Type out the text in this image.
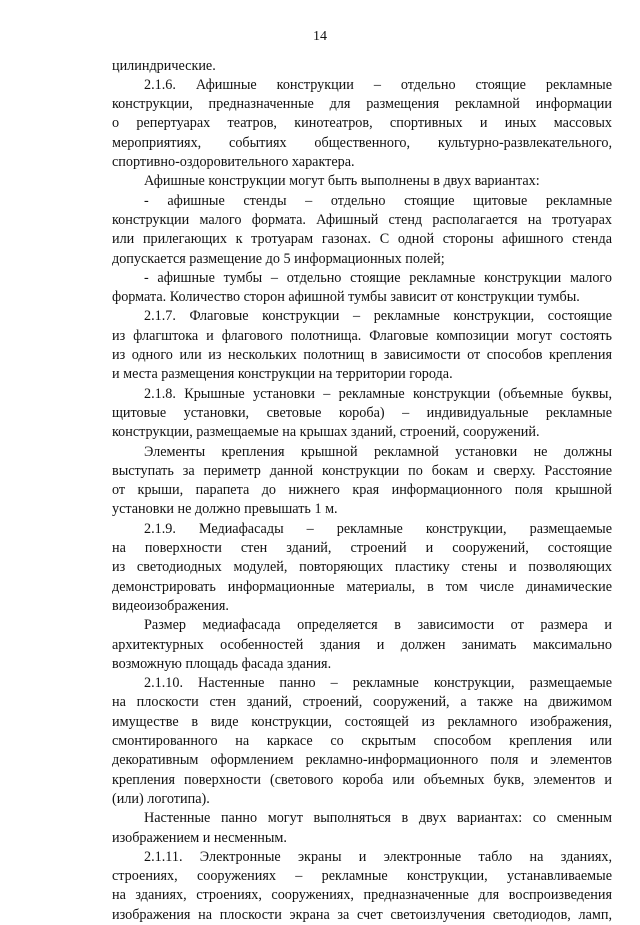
14
цилиндрические.
2.1.6. Афишные конструкции – отдельно стоящие рекламные
конструкции, предназначенные для размещения рекламной информации
о репертуарах театров, кинотеатров, спортивных и иных массовых
мероприятиях, событиях общественного, культурно-развлекательного,
спортивно-оздоровительного характера.
Афишные конструкции могут быть выполнены в двух вариантах:
- афишные стенды – отдельно стоящие щитовые рекламные
конструкции малого формата. Афишный стенд располагается на тротуарах
или прилегающих к тротуарам газонах. С одной стороны афишного стенда
допускается размещение до 5 информационных полей;
- афишные тумбы – отдельно стоящие рекламные конструкции малого
формата. Количество сторон афишной тумбы зависит от конструкции тумбы.
2.1.7. Флаговые конструкции – рекламные конструкции, состоящие
из флагштока и флагового полотнища. Флаговые композиции могут состоять
из одного или из нескольких полотнищ в зависимости от способов крепления
и места размещения конструкции на территории города.
2.1.8. Крышные установки – рекламные конструкции (объемные буквы,
щитовые установки, световые короба) – индивидуальные рекламные
конструкции, размещаемые на крышах зданий, строений, сооружений.
Элементы крепления крышной рекламной установки не должны
выступать за периметр данной конструкции по бокам и сверху. Расстояние
от крыши, парапета до нижнего края информационного поля крышной
установки не должно превышать 1 м.
2.1.9. Медиафасады – рекламные конструкции, размещаемые
на поверхности стен зданий, строений и сооружений, состоящие
из светодиодных модулей, повторяющих пластику стены и позволяющих
демонстрировать информационные материалы, в том числе динамические
видеоизображения.
Размер медиафасада определяется в зависимости от размера и
архитектурных особенностей здания и должен занимать максимально
возможную площадь фасада здания.
2.1.10. Настенные панно – рекламные конструкции, размещаемые
на плоскости стен зданий, строений, сооружений, а также на движимом
имуществе в виде конструкции, состоящей из рекламного изображения,
смонтированного на каркасе со скрытым способом крепления или
декоративным оформлением рекламно-информационного поля и элементов
крепления поверхности (светового короба или объемных букв, элементов и
(или) логотипа).
Настенные панно могут выполняться в двух вариантах: со сменным
изображением и несменным.
2.1.11. Электронные экраны и электронные табло на зданиях,
строениях, сооружениях – рекламные конструкции, устанавливаемые
на зданиях, строениях, сооружениях, предназначенные для воспроизведения
изображения на плоскости экрана за счет светоизлучения светодиодов, ламп,
